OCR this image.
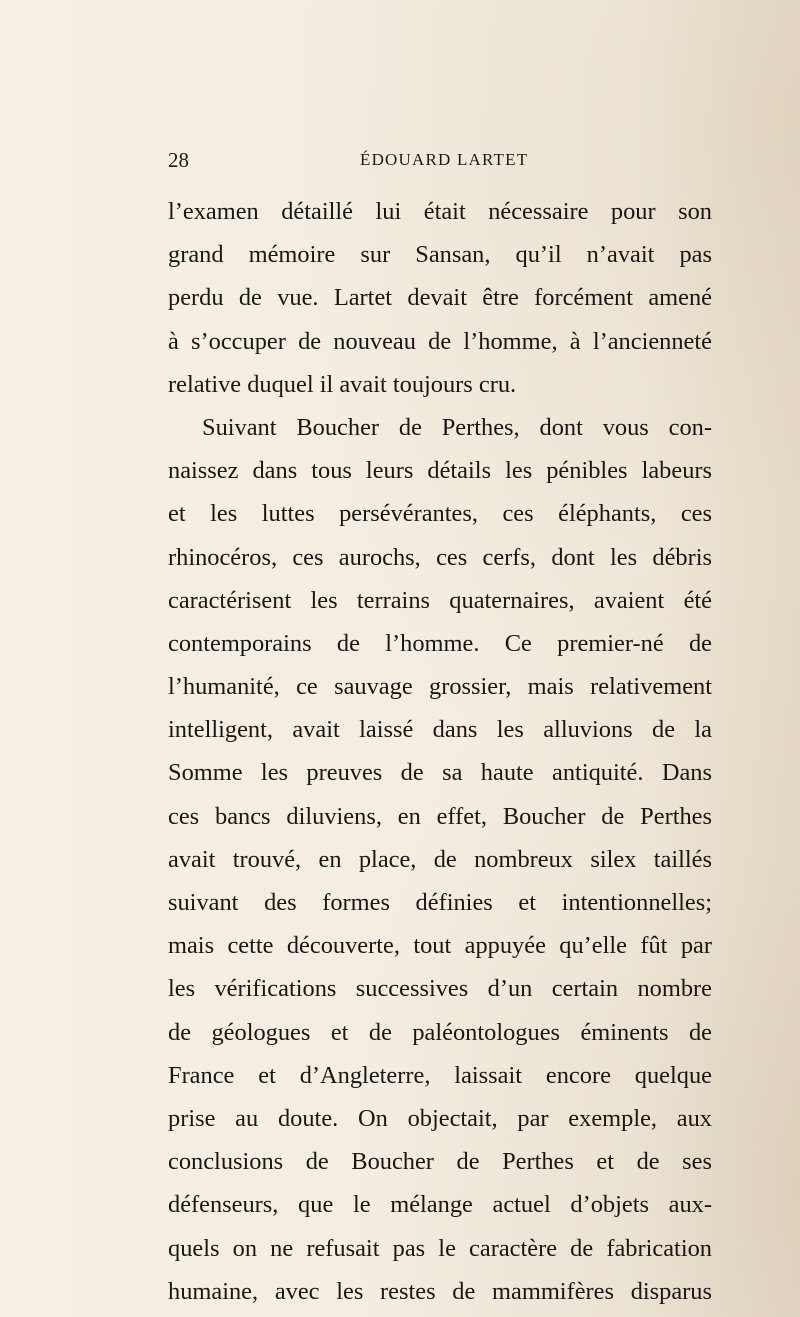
28	ÉDOUARD LARTET
l’examen détaillé lui était nécessaire pour son
grand mémoire sur Sansan, qu’il n’avait pas
perdu de vue. Lartet devait être forcément amené
à s’occuper de nouveau de l’homme, à l’ancienneté
relative duquel il avait toujours cru.
Suivant Boucher de Perthes, dont vous con-
naissez dans tous leurs détails les pénibles labeurs
et les luttes persévérantes, ces éléphants, ces
rhinocéros, ces aurochs, ces cerfs, dont les débris
caractérisent les terrains quaternaires, avaient été
contemporains de l’homme. Ce premier-né de
l’humanité, ce sauvage grossier, mais relativement
intelligent, avait laissé dans les alluvions de la
Somme les preuves de sa haute antiquité. Dans
ces bancs diluviens, en effet, Boucher de Perthes
avait trouvé, en place, de nombreux silex taillés
suivant des formes définies et intentionnelles;
mais cette découverte, tout appuyée qu’elle fût par
les vérifications successives d’un certain nombre
de géologues et de paléontologues éminents de
France et d’Angleterre, laissait encore quelque
prise au doute. On objectait, par exemple, aux
conclusions de Boucher de Perthes et de ses
défenseurs, que le mélange actuel d’objets aux-
quels on ne refusait pas le caractère de fabrication
humaine, avec les restes de mammifères disparus
